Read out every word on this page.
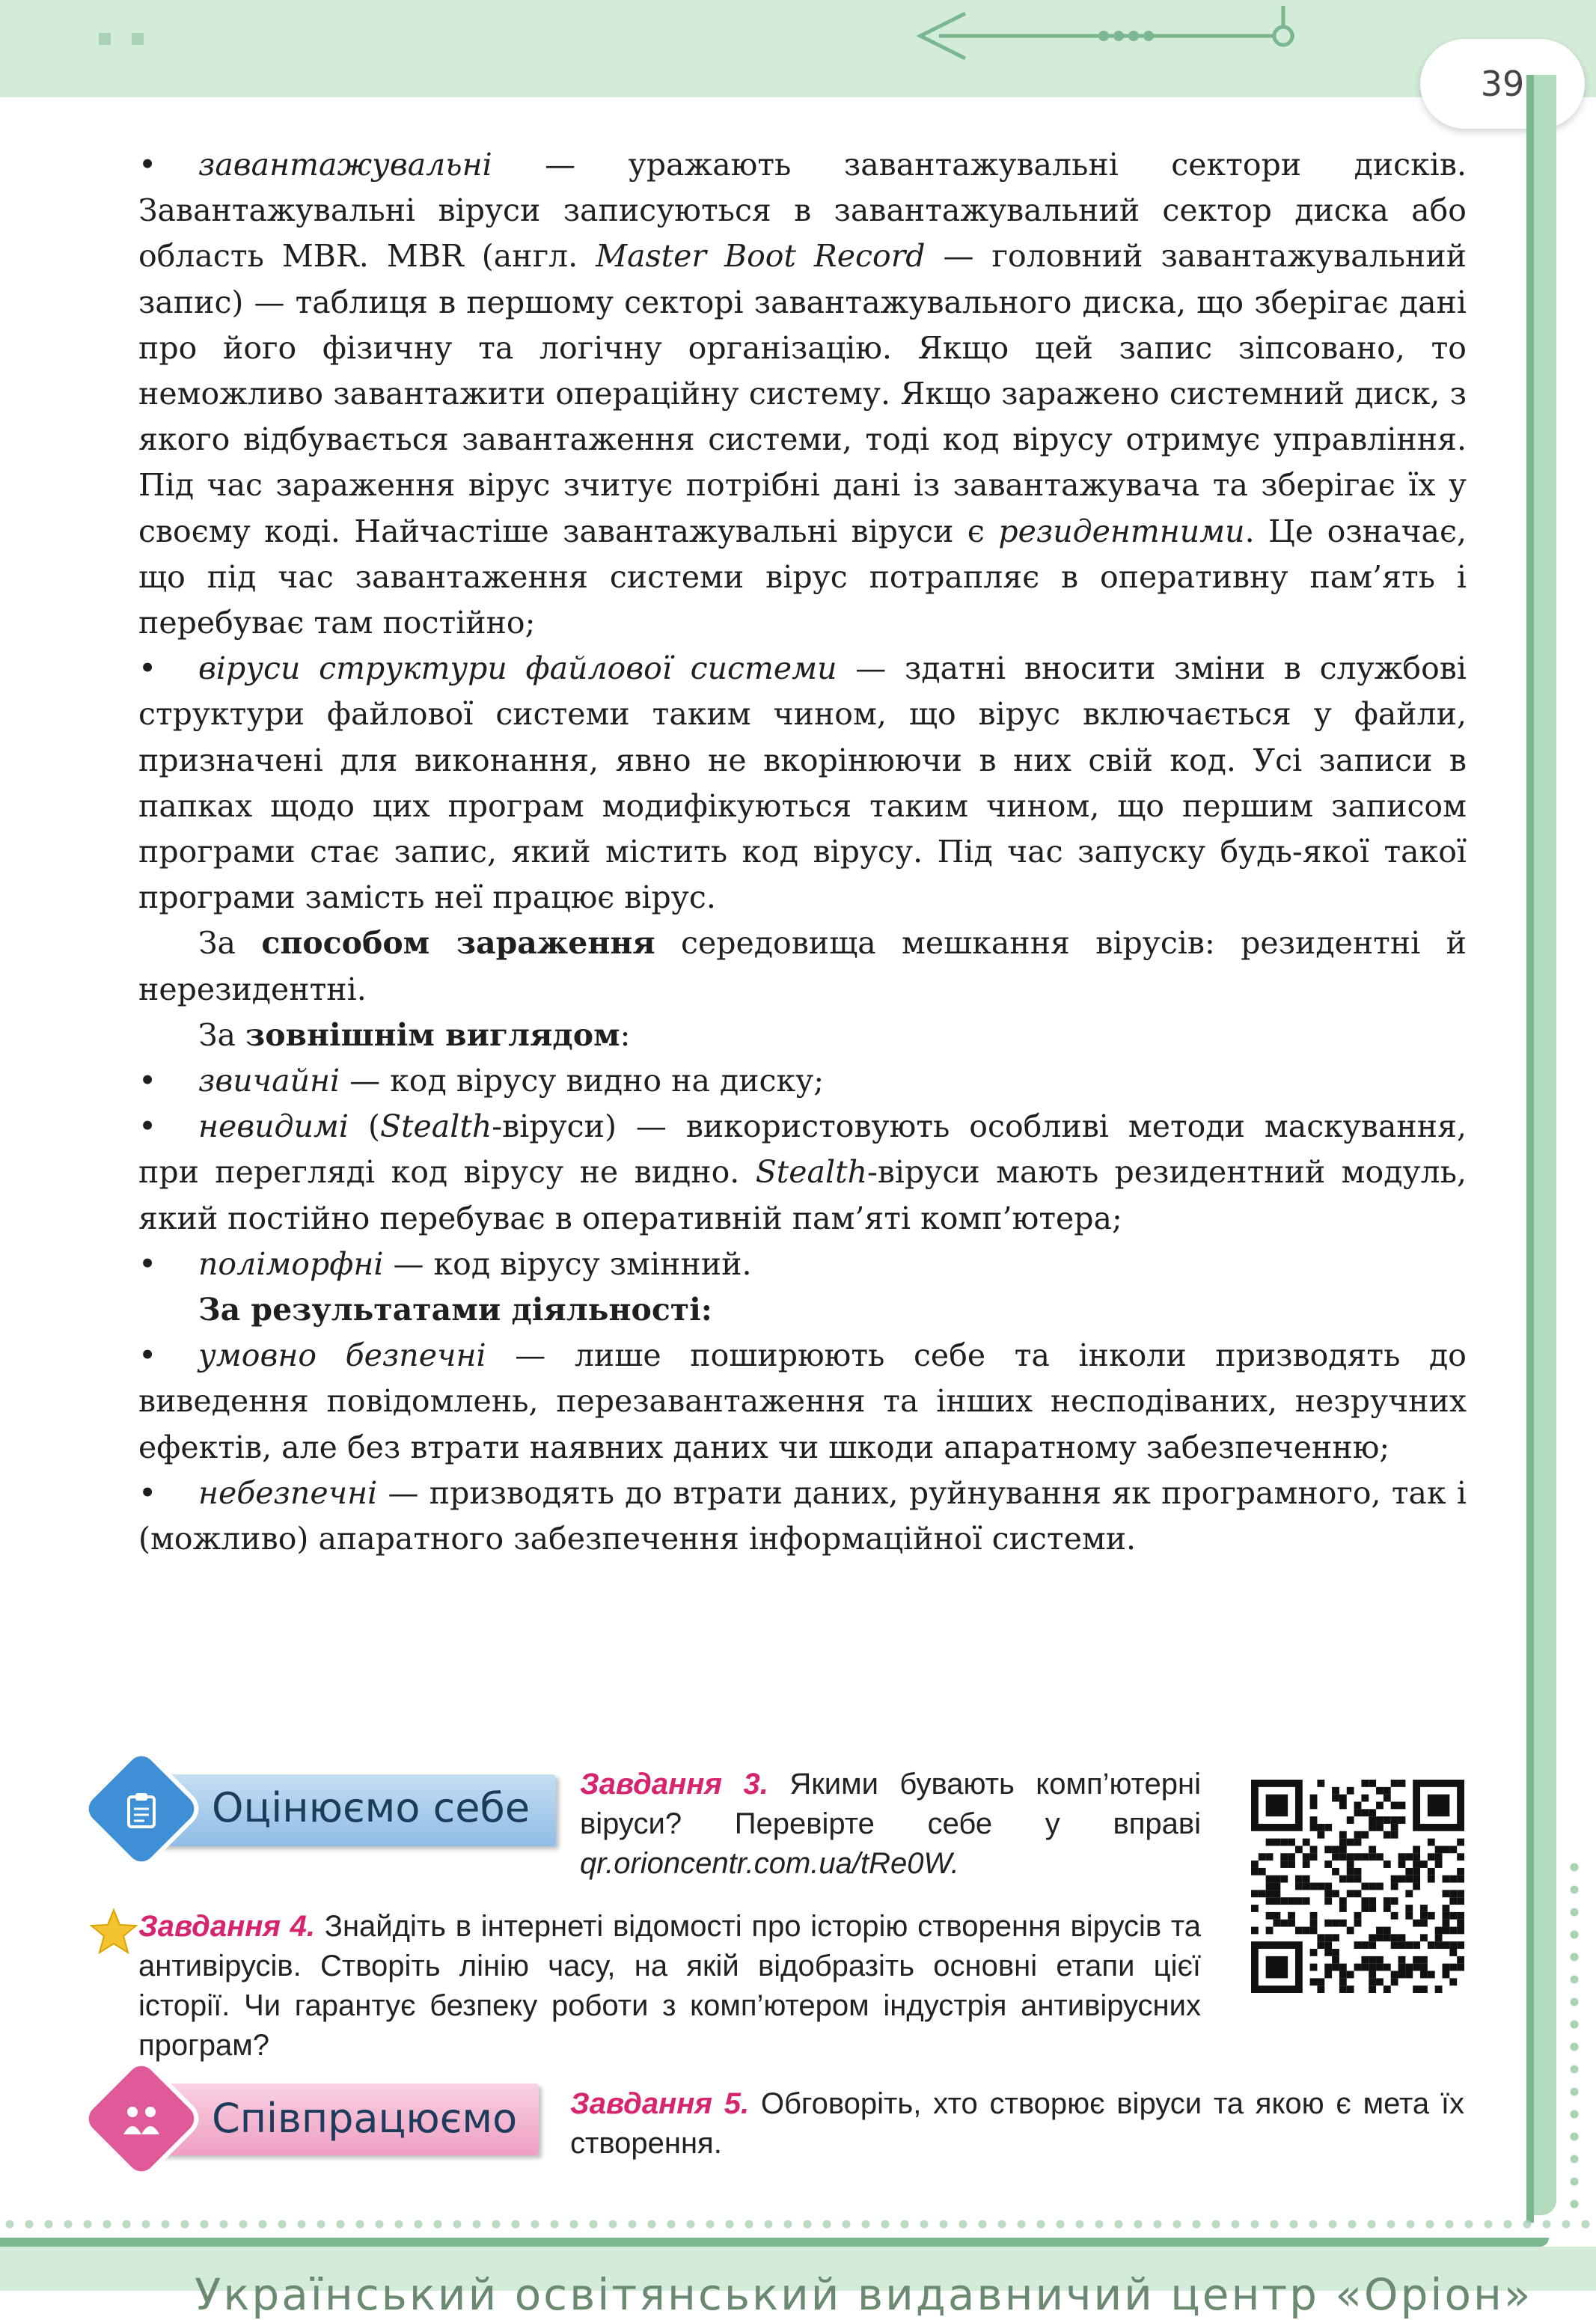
39
Український освітянський видавничий центр «Оріон»

• завантажувальні — уражають завантажувальні сектори дисків. Завантажувальні віруси записуються в завантажувальний сектор диска або область MBR. MBR (англ. Master Boot Record — головний завантажувальний запис) — таблиця в першому секторі завантажувального диска, що зберігає дані про його фізичну та логічну організацію. Якщо цей запис зіпсовано, то неможливо завантажити операційну систему. Якщо заражено системний диск, з якого відбувається завантаження системи, тоді код вірусу отримує управління. Під час зараження вірус зчитує потрібні дані із завантажувача та зберігає їх у своєму коді. Найчастіше завантажувальні віруси є резидентними. Це означає, що під час завантаження системи вірус потрапляє в оперативну пам’ять і перебуває там постійно;

• віруси структури файлової системи — здатні вносити зміни в службові структури файлової системи таким чином, що вірус включається у файли, призначені для виконання, явно не вкорінюючи в них свій код. Усі записи в папках щодо цих програм модифікуються таким чином, що першим записом програми стає запис, який містить код вірусу. Під час запуску будь-якої такої програми замість неї працює вірус.

За способом зараження середовища мешкання вірусів: резидентні й нерезидентні.

За зовнішнім виглядом:

• звичайні — код вірусу видно на диску;

• невидимі (Stealth-віруси) — використовують особливі методи маскування, при перегляді код вірусу не видно. Stealth-віруси мають резидентний модуль, який постійно перебуває в оперативній пам’яті комп’ютера;

• поліморфні — код вірусу змінний.

За результатами діяльності:

• умовно безпечні — лише поширюють себе та інколи призводять до виведення повідомлень, перезавантаження та інших несподіваних, незручних ефектів, але без втрати наявних даних чи шкоди апаратному забезпеченню;

• небезпечні — призводять до втрати даних, руйнування як програмного, так і (можливо) апаратного забезпечення інформаційної системи.

Оцінюємо себе Завдання 3. Якими бувають комп’ютерні віруси? Перевірте себе у вправі qr.orioncentr.com.ua/tRe0W.
Завдання 4. Знайдіть в інтернеті відомості про історію створення вірусів та антивірусів. Створіть лінію часу, на якій відобразіть основні етапи цієї історії. Чи гарантує безпеку роботи з комп’ютером індустрія антивірусних програм?
Співпрацюємо Завдання 5. Обговоріть, хто створює віруси та якою є мета їх створення.
